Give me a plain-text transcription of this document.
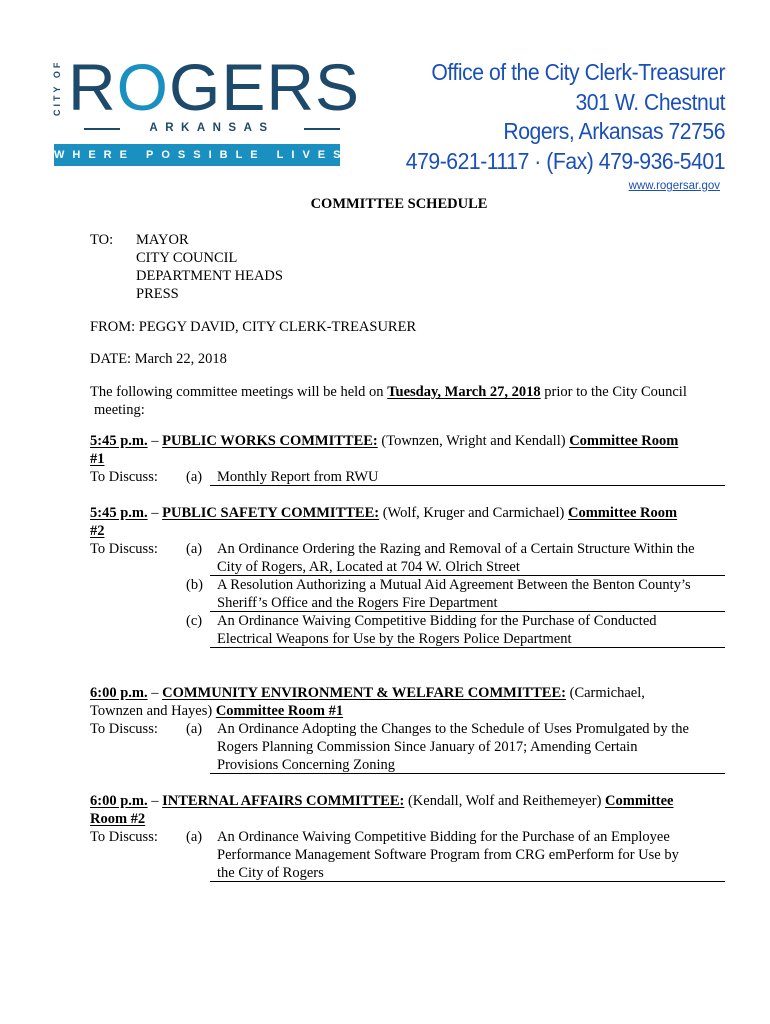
CITY OF ROGERS
ARKANSAS
WHERE POSSIBLE LIVES
Office of the City Clerk-Treasurer
301 W. Chestnut
Rogers, Arkansas 72756
479-621-1117 · (Fax) 479-936-5401
www.rogersar.gov
COMMITTEE SCHEDULE
TO: MAYOR
CITY COUNCIL
DEPARTMENT HEADS
PRESS
FROM: PEGGY DAVID, CITY CLERK-TREASURER
DATE: March 22, 2018
The following committee meetings will be held on Tuesday, March 27, 2018 prior to the City Council
meeting:
5:45 p.m. – PUBLIC WORKS COMMITTEE: (Townzen, Wright and Kendall) Committee Room
#1
To Discuss:	(a) Monthly Report from RWU
5:45 p.m. – PUBLIC SAFETY COMMITTEE: (Wolf, Kruger and Carmichael) Committee Room
#2
To Discuss:	(a) An Ordinance Ordering the Razing and Removal of a Certain Structure Within the
City of Rogers, AR, Located at 704 W. Olrich Street
(b) A Resolution Authorizing a Mutual Aid Agreement Between the Benton County’s
Sheriff’s Office and the Rogers Fire Department
(c) An Ordinance Waiving Competitive Bidding for the Purchase of Conducted
Electrical Weapons for Use by the Rogers Police Department
6:00 p.m. – COMMUNITY ENVIRONMENT & WELFARE COMMITTEE: (Carmichael,
Townzen and Hayes) Committee Room #1
To Discuss:	(a) An Ordinance Adopting the Changes to the Schedule of Uses Promulgated by the
Rogers Planning Commission Since January of 2017; Amending Certain
Provisions Concerning Zoning
6:00 p.m. – INTERNAL AFFAIRS COMMITTEE: (Kendall, Wolf and Reithemeyer) Committee
Room #2
To Discuss:	(a) An Ordinance Waiving Competitive Bidding for the Purchase of an Employee
Performance Management Software Program from CRG emPerform for Use by
the City of Rogers
